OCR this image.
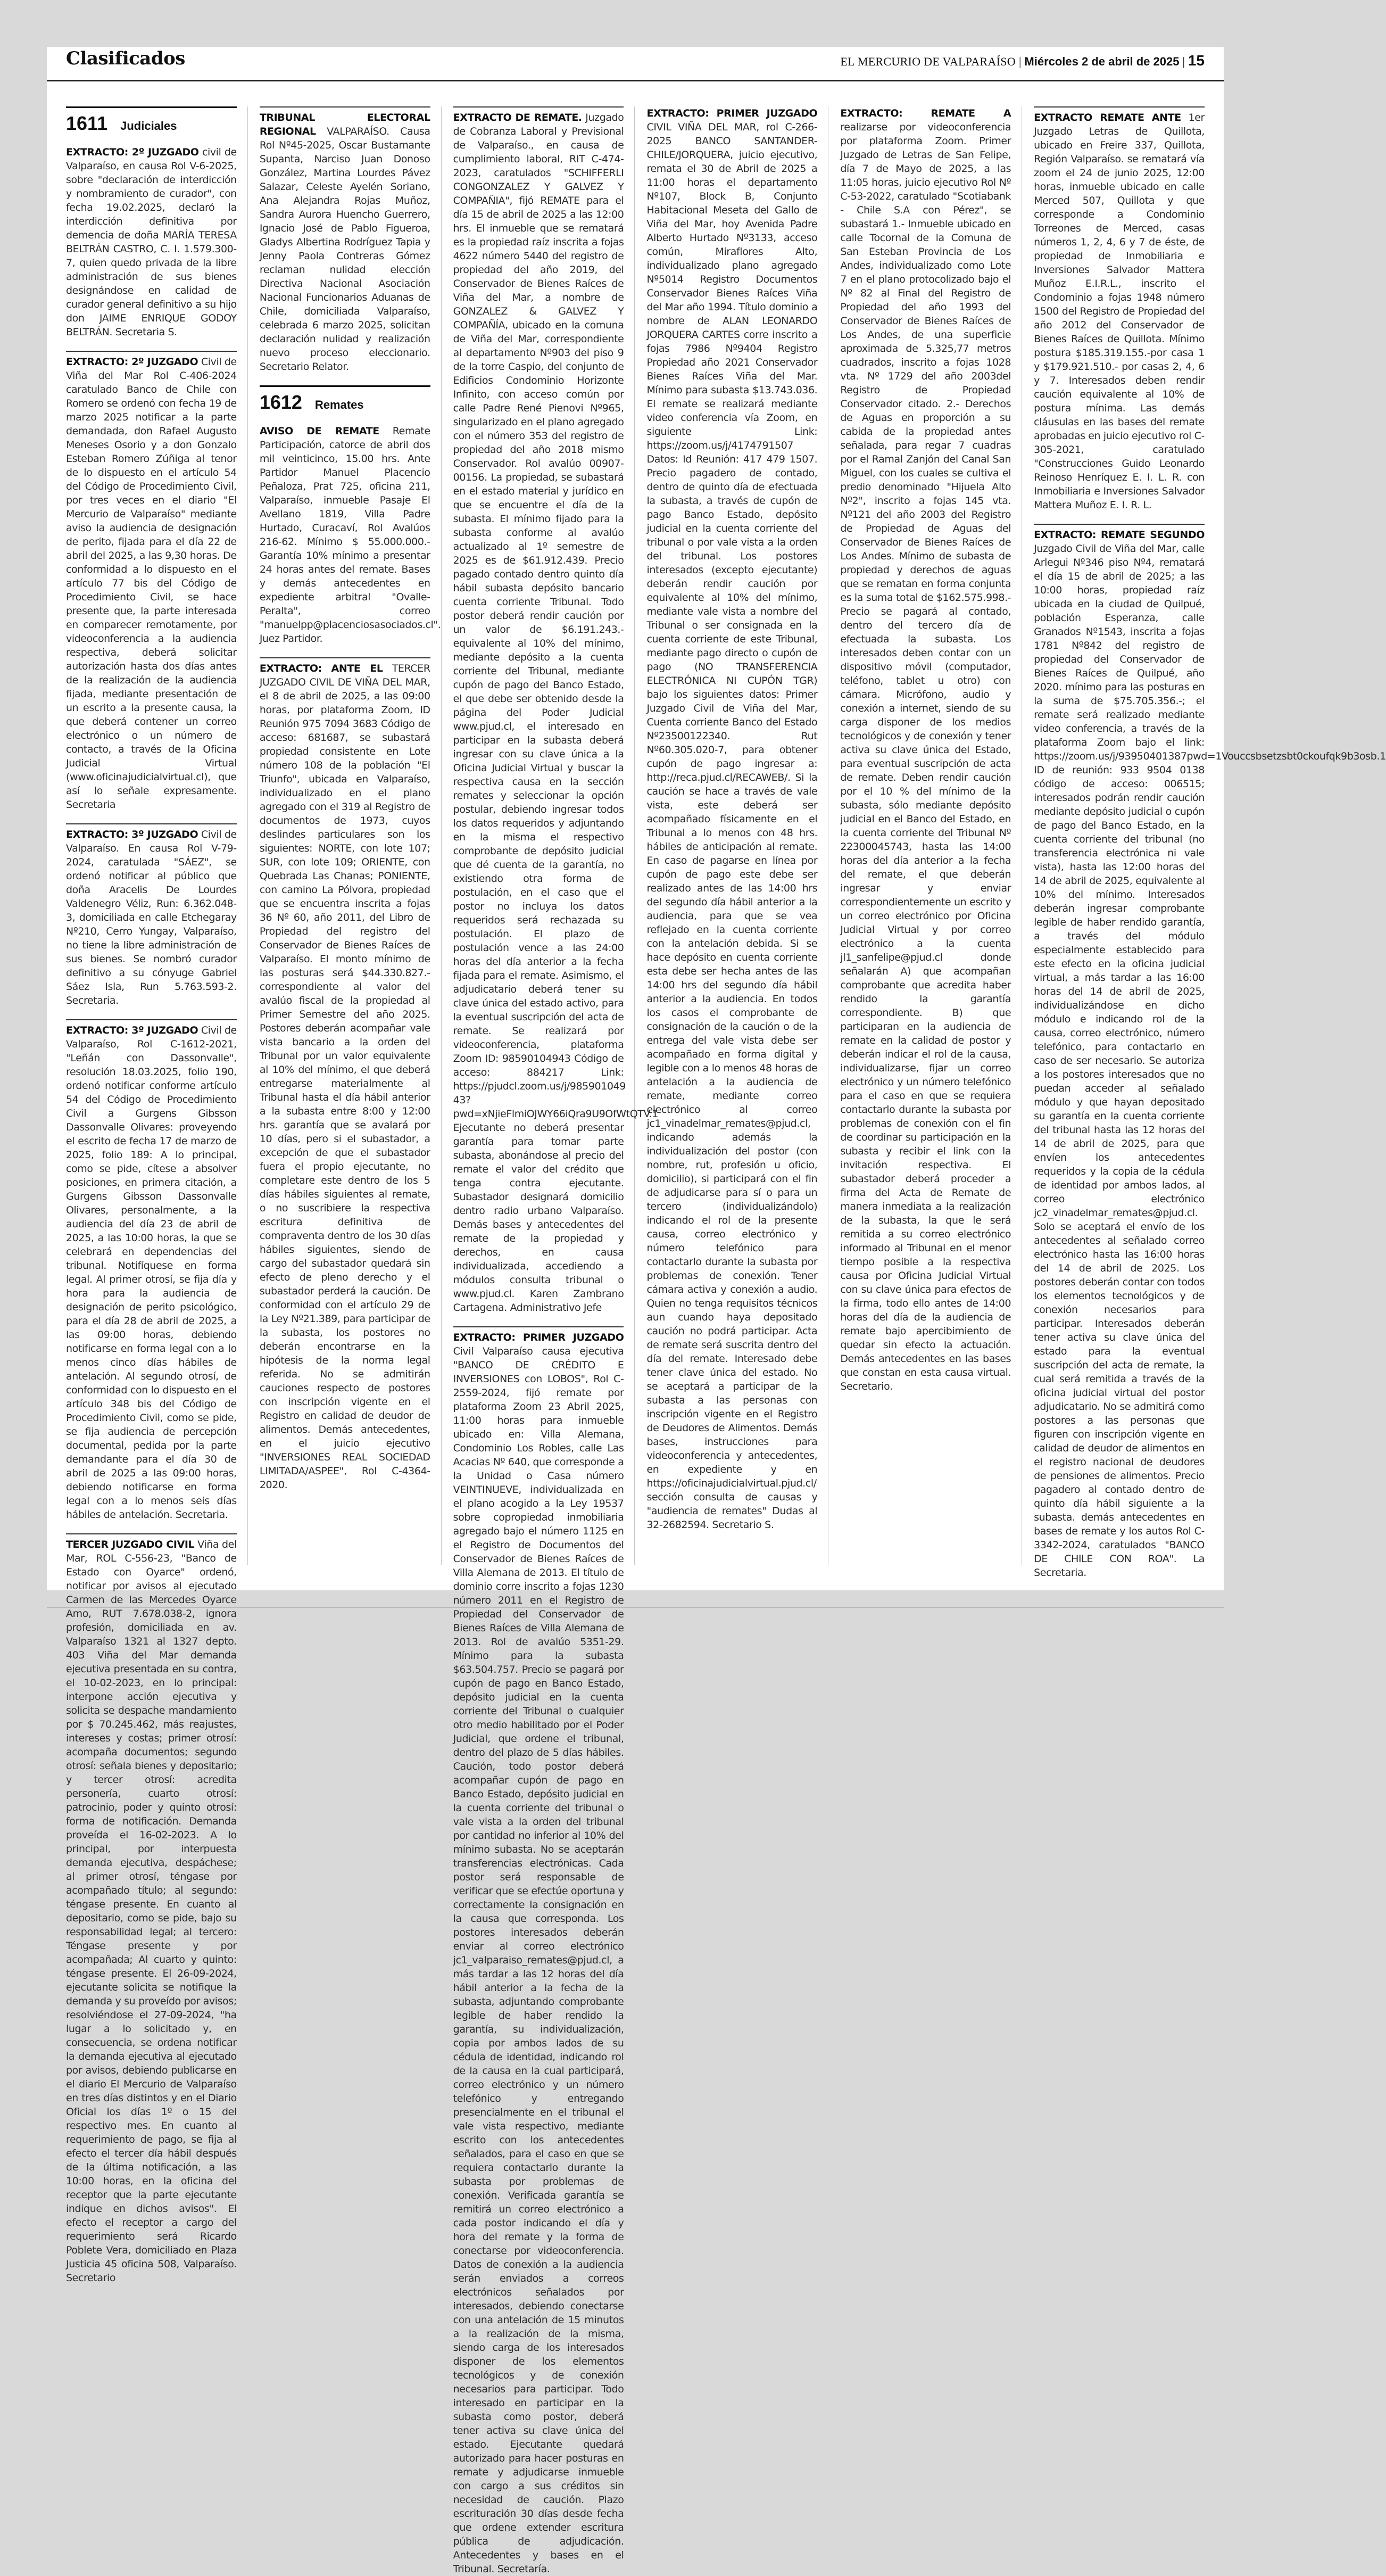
Clasificados	EL MERCURIO DE VALPARAÍSO | Miércoles 2 de abril de 2025 | 15
1611 Judiciales
EXTRACTO: 2º JUZGADO civil de Valparaíso, en causa Rol V-6-2025, sobre "declaración de interdicción y nombramiento de curador", con fecha 19.02.2025, declaró la interdicción definitiva por demencia de doña MARÍA TERESA BELTRÁN CASTRO, C. I. 1.579.300-7, quien quedo privada de la libre administración de sus bienes designándose en calidad de curador general definitivo a su hijo don JAIME ENRIQUE GODOY BELTRÁN. Secretaria S.
EXTRACTO: 2º JUZGADO Civil de Viña del Mar Rol C-406-2024 caratulado Banco de Chile con Romero se ordenó con fecha 19 de marzo 2025 notificar a la parte demandada, don Rafael Augusto Meneses Osorio y a don Gonzalo Esteban Romero Zúñiga al tenor de lo dispuesto en el artículo 54 del Código de Procedimiento Civil, por tres veces en el diario "El Mercurio de Valparaíso" mediante aviso la audiencia de designación de perito, fijada para el día 22 de abril del 2025, a las 9,30 horas. De conformidad a lo dispuesto en el artículo 77 bis del Código de Procedimiento Civil, se hace presente que, la parte interesada en comparecer remotamente, por videoconferencia a la audiencia respectiva, deberá solicitar autorización hasta dos días antes de la realización de la audiencia fijada, mediante presentación de un escrito a la presente causa, la que deberá contener un correo electrónico o un número de contacto, a través de la Oficina Judicial Virtual (www.oficinajudicialvirtual.cl), que así lo señale expresamente. Secretaria
EXTRACTO: 3º JUZGADO Civil de Valparaíso. En causa Rol V-79-2024, caratulada "SÁEZ", se ordenó notificar al público que doña Aracelis De Lourdes Valdenegro Véliz, Run: 6.362.048-3, domiciliada en calle Etchegaray Nº210, Cerro Yungay, Valparaíso, no tiene la libre administración de sus bienes. Se nombró curador definitivo a su cónyuge Gabriel Sáez Isla, Run 5.763.593-2. Secretaria.
EXTRACTO: 3º JUZGADO Civil de Valparaíso, Rol C-1612-2021, "Leñán con Dassonvalle", resolución 18.03.2025, folio 190, ordenó notificar conforme artículo 54 del Código de Procedimiento Civil a Gurgens Gibsson Dassonvalle Olivares: proveyendo el escrito de fecha 17 de marzo de 2025, folio 189: A lo principal, como se pide, cítese a absolver posiciones, en primera citación, a Gurgens Gibsson Dassonvalle Olivares, personalmente, a la audiencia del día 23 de abril de 2025, a las 10:00 horas, la que se celebrará en dependencias del tribunal. Notifíquese en forma legal. Al primer otrosí, se fija día y hora para la audiencia de designación de perito psicológico, para el día 28 de abril de 2025, a las 09:00 horas, debiendo notificarse en forma legal con a lo menos cinco días hábiles de antelación. Al segundo otrosí, de conformidad con lo dispuesto en el artículo 348 bis del Código de Procedimiento Civil, como se pide, se fija audiencia de percepción documental, pedida por la parte demandante para el día 30 de abril de 2025 a las 09:00 horas, debiendo notificarse en forma legal con a lo menos seis días hábiles de antelación. Secretaria.
TERCER JUZGADO CIVIL Viña del Mar, ROL C-556-23, "Banco de Estado con Oyarce" ordenó, notificar por avisos al ejecutado Carmen de las Mercedes Oyarce Amo, RUT 7.678.038-2, ignora profesión, domiciliada en av. Valparaíso 1321 al 1327 depto. 403 Viña del Mar demanda ejecutiva presentada en su contra, el 10-02-2023, en lo principal: interpone acción ejecutiva y solicita se despache mandamiento por $ 70.245.462, más reajustes, intereses y costas; primer otrosí: acompaña documentos; segundo otrosí: señala bienes y depositario; y tercer otrosí: acredita personería, cuarto otrosí: patrocinio, poder y quinto otrosí: forma de notificación. Demanda proveída el 16-02-2023. A lo principal, por interpuesta demanda ejecutiva, despáchese; al primer otrosí, téngase por acompañado título; al segundo: téngase presente. En cuanto al depositario, como se pide, bajo su responsabilidad legal; al tercero: Téngase presente y por acompañada; Al cuarto y quinto: téngase presente. El 26-09-2024, ejecutante solicita se notifique la demanda y su proveído por avisos; resolviéndose el 27-09-2024, "ha lugar a lo solicitado y, en consecuencia, se ordena notificar la demanda ejecutiva al ejecutado por avisos, debiendo publicarse en el diario El Mercurio de Valparaíso en tres días distintos y en el Diario Oficial los días 1º o 15 del respectivo mes. En cuanto al requerimiento de pago, se fija al efecto el tercer día hábil después de la última notificación, a las 10:00 horas, en la oficina del receptor que la parte ejecutante indique en dichos avisos". El efecto el receptor a cargo del requerimiento será Ricardo Poblete Vera, domiciliado en Plaza Justicia 45 oficina 508, Valparaíso. Secretario
TRIBUNAL ELECTORAL REGIONAL VALPARAÍSO. Causa Rol Nº45-2025, Oscar Bustamante Supanta, Narciso Juan Donoso González, Martina Lourdes Pávez Salazar, Celeste Ayelén Soriano, Ana Alejandra Rojas Muñoz, Sandra Aurora Huencho Guerrero, Ignacio José de Pablo Figueroa, Gladys Albertina Rodríguez Tapia y Jenny Paola Contreras Gómez reclaman nulidad elección Directiva Nacional Asociación Nacional Funcionarios Aduanas de Chile, domiciliada Valparaíso, celebrada 6 marzo 2025, solicitan declaración nulidad y realización nuevo proceso eleccionario. Secretario Relator.
1612 Remates
AVISO DE REMATE Remate Participación, catorce de abril dos mil veinticinco, 15.00 hrs. Ante Partidor Manuel Placencio Peñaloza, Prat 725, oficina 211, Valparaíso, inmueble Pasaje El Avellano 1819, Villa Padre Hurtado, Curacaví, Rol Avalúos 216-62. Mínimo $ 55.000.000.- Garantía 10% mínimo a presentar 24 horas antes del remate. Bases y demás antecedentes en expediente arbitral "Ovalle-Peralta", correo "manuelpp@placenciosasociados.cl". Juez Partidor.
EXTRACTO: ANTE EL TERCER JUZGADO CIVIL DE VIÑA DEL MAR, el 8 de abril de 2025, a las 09:00 horas, por plataforma Zoom, ID Reunión 975 7094 3683 Código de acceso: 681687, se subastará propiedad consistente en Lote número 108 de la población "El Triunfo", ubicada en Valparaíso, individualizado en el plano agregado con el 319 al Registro de documentos de 1973, cuyos deslindes particulares son los siguientes: NORTE, con lote 107; SUR, con lote 109; ORIENTE, con Quebrada Las Chanas; PONIENTE, con camino La Pólvora, propiedad que se encuentra inscrita a fojas 36 Nº 60, año 2011, del Libro de Propiedad del registro del Conservador de Bienes Raíces de Valparaíso. El monto mínimo de las posturas será $44.330.827.- correspondiente al valor del avalúo fiscal de la propiedad al Primer Semestre del año 2025. Postores deberán acompañar vale vista bancario a la orden del Tribunal por un valor equivalente al 10% del mínimo, el que deberá entregarse materialmente al Tribunal hasta el día hábil anterior a la subasta entre 8:00 y 12:00 hrs. garantía que se avalará por 10 días, pero si el subastador, a excepción de que el subastador fuera el propio ejecutante, no completare este dentro de los 5 días hábiles siguientes al remate, o no suscribiere la respectiva escritura definitiva de compraventa dentro de los 30 días hábiles siguientes, siendo de cargo del subastador quedará sin efecto de pleno derecho y el subastador perderá la caución. De conformidad con el artículo 29 de la Ley Nº21.389, para participar de la subasta, los postores no deberán encontrarse en la hipótesis de la norma legal referida. No se admitirán cauciones respecto de postores con inscripción vigente en el Registro en calidad de deudor de alimentos. Demás antecedentes, en el juicio ejecutivo "INVERSIONES REAL SOCIEDAD LIMITADA/ASPEE", Rol C-4364-2020.
EXTRACTO DE REMATE. Juzgado de Cobranza Laboral y Previsional de Valparaíso., en causa de cumplimiento laboral, RIT C-474-2023, caratulados "SCHIFFERLI CONGONZALEZ Y GALVEZ Y COMPAÑIA", fijó REMATE para el día 15 de abril de 2025 a las 12:00 hrs. El inmueble que se rematará es la propiedad raíz inscrita a fojas 4622 número 5440 del registro de propiedad del año 2019, del Conservador de Bienes Raíces de Viña del Mar, a nombre de GONZALEZ & GALVEZ Y COMPAÑÍA, ubicado en la comuna de Viña del Mar, correspondiente al departamento Nº903 del piso 9 de la torre Caspio, del conjunto de Edificios Condominio Horizonte Infinito, con acceso común por calle Padre René Pienovi Nº965, singularizado en el plano agregado con el número 353 del registro de propiedad del año 2018 mismo Conservador. Rol avalúo 00907-00156. La propiedad, se subastará en el estado material y jurídico en que se encuentre el día de la subasta. El mínimo fijado para la subasta conforme al avalúo actualizado al 1º semestre de 2025 es de $61.912.439. Precio pagado contado dentro quinto día hábil subasta depósito bancario cuenta corriente Tribunal. Todo postor deberá rendir caución por un valor de $6.191.243.- equivalente al 10% del mínimo, mediante depósito a la cuenta corriente del Tribunal, mediante cupón de pago del Banco Estado, el que debe ser obtenido desde la página del Poder Judicial www.pjud.cl, el interesado en participar en la subasta deberá ingresar con su clave única a la Oficina Judicial Virtual y buscar la respectiva causa en la sección remates y seleccionar la opción postular, debiendo ingresar todos los datos requeridos y adjuntando en la misma el respectivo comprobante de depósito judicial que dé cuenta de la garantía, no existiendo otra forma de postulación, en el caso que el postor no incluya los datos requeridos será rechazada su postulación. El plazo de postulación vence a las 24:00 horas del día anterior a la fecha fijada para el remate. Asimismo, el adjudicatario deberá tener su clave única del estado activo, para la eventual suscripción del acta de remate. Se realizará por videoconferencia, plataforma Zoom ID: 98590104943 Código de acceso: 884217 Link: https://pjudcl.zoom.us/j/985901049 43?pwd=xNjieFlmiOJWY66iQra9U9OfWtQTV.1 Ejecutante no deberá presentar garantía para tomar parte subasta, abonándose al precio del remate el valor del crédito que tenga contra ejecutante. Subastador designará domicilio dentro radio urbano Valparaíso. Demás bases y antecedentes del remate de la propiedad y derechos, en causa individualizada, accediendo a módulos consulta tribunal o www.pjud.cl. Karen Zambrano Cartagena. Administrativo Jefe
EXTRACTO: PRIMER JUZGADO Civil Valparaíso causa ejecutiva "BANCO DE CRÉDITO E INVERSIONES con LOBOS", Rol C-2559-2024, fijó remate por plataforma Zoom 23 Abril 2025, 11:00 horas para inmueble ubicado en: Villa Alemana, Condominio Los Robles, calle Las Acacias Nº 640, que corresponde a la Unidad o Casa número VEINTINUEVE, individualizada en el plano acogido a la Ley 19537 sobre copropiedad inmobiliaria agregado bajo el número 1125 en el Registro de Documentos del Conservador de Bienes Raíces de Villa Alemana de 2013. El título de dominio corre inscrito a fojas 1230 número 2011 en el Registro de Propiedad del Conservador de Bienes Raíces de Villa Alemana de 2013. Rol de avalúo 5351-29. Mínimo para la subasta $63.504.757. Precio se pagará por cupón de pago en Banco Estado, depósito judicial en la cuenta corriente del Tribunal o cualquier otro medio habilitado por el Poder Judicial, que ordene el tribunal, dentro del plazo de 5 días hábiles. Caución, todo postor deberá acompañar cupón de pago en Banco Estado, depósito judicial en la cuenta corriente del tribunal o vale vista a la orden del tribunal por cantidad no inferior al 10% del mínimo subasta. No se aceptarán transferencias electrónicas. Cada postor será responsable de verificar que se efectúe oportuna y correctamente la consignación en la causa que corresponda. Los postores interesados deberán enviar al correo electrónico jc1_valparaiso_remates@pjud.cl, a más tardar a las 12 horas del día hábil anterior a la fecha de la subasta, adjuntando comprobante legible de haber rendido la garantía, su individualización, copia por ambos lados de su cédula de identidad, indicando rol de la causa en la cual participará, correo electrónico y un número telefónico y entregando presencialmente en el tribunal el vale vista respectivo, mediante escrito con los antecedentes señalados, para el caso en que se requiera contactarlo durante la subasta por problemas de conexión. Verificada garantía se remitirá un correo electrónico a cada postor indicando el día y hora del remate y la forma de conectarse por videoconferencia. Datos de conexión a la audiencia serán enviados a correos electrónicos señalados por interesados, debiendo conectarse con una antelación de 15 minutos a la realización de la misma, siendo carga de los interesados disponer de los elementos tecnológicos y de conexión necesarios para participar. Todo interesado en participar en la subasta como postor, deberá tener activa su clave única del estado. Ejecutante quedará autorizado para hacer posturas en remate y adjudicarse inmueble con cargo a sus créditos sin necesidad de caución. Plazo escrituración 30 días desde fecha que ordene extender escritura pública de adjudicación. Antecedentes y bases en el Tribunal. Secretaría.
EXTRACTO: PRIMER JUZGADO CIVIL VIÑA DEL MAR, rol C-266-2025 BANCO SANTANDER-CHILE/JORQUERA, juicio ejecutivo, remata el 30 de Abril de 2025 a 11:00 horas el departamento Nº107, Block B, Conjunto Habitacional Meseta del Gallo de Viña del Mar, hoy Avenida Padre Alberto Hurtado Nº3133, acceso común, Miraflores Alto, individualizado plano agregado Nº5014 Registro Documentos Conservador Bienes Raíces Viña del Mar año 1994. Título dominio a nombre de ALAN LEONARDO JORQUERA CARTES corre inscrito a fojas 7986 Nº9404 Registro Propiedad año 2021 Conservador Bienes Raíces Viña del Mar. Mínimo para subasta $13.743.036. El remate se realizará mediante video conferencia vía Zoom, en siguiente Link: https://zoom.us/j/4174791507 Datos: Id Reunión: 417 479 1507. Precio pagadero de contado, dentro de quinto día de efectuada la subasta, a través de cupón de pago Banco Estado, depósito judicial en la cuenta corriente del tribunal o por vale vista a la orden del tribunal. Los postores interesados (excepto ejecutante) deberán rendir caución por equivalente al 10% del mínimo, mediante vale vista a nombre del Tribunal o ser consignada en la cuenta corriente de este Tribunal, mediante pago directo o cupón de pago (NO TRANSFERENCIA ELECTRÓNICA NI CUPÓN TGR) bajo los siguientes datos: Primer Juzgado Civil de Viña del Mar, Cuenta corriente Banco del Estado Nº23500122340. Rut Nº60.305.020-7, para obtener cupón de pago ingresar a: http://reca.pjud.cl/RECAWEB/. Si la caución se hace a través de vale vista, este deberá ser acompañado físicamente en el Tribunal a lo menos con 48 hrs. hábiles de anticipación al remate. En caso de pagarse en línea por cupón de pago este debe ser realizado antes de las 14:00 hrs del segundo día hábil anterior a la audiencia, para que se vea reflejado en la cuenta corriente con la antelación debida. Si se hace depósito en cuenta corriente esta debe ser hecha antes de las 14:00 hrs del segundo día hábil anterior a la audiencia. En todos los casos el comprobante de consignación de la caución o de la entrega del vale vista debe ser acompañado en forma digital y legible con a lo menos 48 horas de antelación a la audiencia de remate, mediante correo electrónico al correo jc1_vinadelmar_remates@pjud.cl, indicando además la individualización del postor (con nombre, rut, profesión u oficio, domicilio), si participará con el fin de adjudicarse para sí o para un tercero (individualizándolo) indicando el rol de la presente causa, correo electrónico y número telefónico para contactarlo durante la subasta por problemas de conexión. Tener cámara activa y conexión a audio. Quien no tenga requisitos técnicos aun cuando haya depositado caución no podrá participar. Acta de remate será suscrita dentro del día del remate. Interesado debe tener clave única del estado. No se aceptará a participar de la subasta a las personas con inscripción vigente en el Registro de Deudores de Alimentos. Demás bases, instrucciones para videoconferencia y antecedentes, en expediente y en https://oficinajudicialvirtual.pjud.cl/ sección consulta de causas y "audiencia de remates" Dudas al 32-2682594. Secretario S.
EXTRACTO: REMATE A realizarse por videoconferencia por plataforma Zoom. Primer Juzgado de Letras de San Felipe, día 7 de Mayo de 2025, a las 11:05 horas, juicio ejecutivo Rol Nº C-53-2022, caratulado "Scotiabank - Chile S.A con Pérez", se subastará 1.- Inmueble ubicado en calle Tocornal de la Comuna de San Esteban Provincia de Los Andes, individualizado como Lote 7 en el plano protocolizado bajo el Nº 82 al Final del Registro de Propiedad del año 1993 del Conservador de Bienes Raíces de Los Andes, de una superficie aproximada de 5.325,77 metros cuadrados, inscrito a fojas 1028 vta. Nº 1729 del año 2003del Registro de Propiedad Conservador citado. 2.- Derechos de Aguas en proporción a su cabida de la propiedad antes señalada, para regar 7 cuadras por el Ramal Zanjón del Canal San Miguel, con los cuales se cultiva el predio denominado "Hijuela Alto Nº2", inscrito a fojas 145 vta. Nº121 del año 2003 del Registro de Propiedad de Aguas del Conservador de Bienes Raíces de Los Andes. Mínimo de subasta de propiedad y derechos de aguas que se rematan en forma conjunta es la suma total de $162.575.998.- Precio se pagará al contado, dentro del tercero día de efectuada la subasta. Los interesados deben contar con un dispositivo móvil (computador, teléfono, tablet u otro) con cámara. Micrófono, audio y conexión a internet, siendo de su carga disponer de los medios tecnológicos y de conexión y tener activa su clave única del Estado, para eventual suscripción de acta de remate. Deben rendir caución por el 10 % del mínimo de la subasta, sólo mediante depósito judicial en el Banco del Estado, en la cuenta corriente del Tribunal Nº 22300045743, hasta las 14:00 horas del día anterior a la fecha del remate, el que deberán ingresar y enviar correspondientemente un escrito y un correo electrónico por Oficina Judicial Virtual y por correo electrónico a la cuenta jl1_sanfelipe@pjud.cl donde señalarán A) que acompañan comprobante que acredita haber rendido la garantía correspondiente. B) que participaran en la audiencia de remate en la calidad de postor y deberán indicar el rol de la causa, individualizarse, fijar un correo electrónico y un número telefónico para el caso en que se requiera contactarlo durante la subasta por problemas de conexión con el fin de coordinar su participación en la subasta y recibir el link con la invitación respectiva. El subastador deberá proceder a firma del Acta de Remate de manera inmediata a la realización de la subasta, la que le será remitida a su correo electrónico informado al Tribunal en el menor tiempo posible a la respectiva causa por Oficina Judicial Virtual con su clave única para efectos de la firma, todo ello antes de 14:00 horas del día de la audiencia de remate bajo apercibimiento de quedar sin efecto la actuación. Demás antecedentes en las bases que constan en esta causa virtual. Secretario.
EXTRACTO REMATE ANTE 1er Juzgado Letras de Quillota, ubicado en Freire 337, Quillota, Región Valparaíso. se rematará vía zoom el 24 de junio 2025, 12:00 horas, inmueble ubicado en calle Merced 507, Quillota y que corresponde a Condominio Torreones de Merced, casas números 1, 2, 4, 6 y 7 de éste, de propiedad de Inmobiliaria e Inversiones Salvador Mattera Muñoz E.I.R.L., inscrito el Condominio a fojas 1948 número 1500 del Registro de Propiedad del año 2012 del Conservador de Bienes Raíces de Quillota. Mínimo postura $185.319.155.-por casa 1 y $179.921.510.- por casas 2, 4, 6 y 7. Interesados deben rendir caución equivalente al 10% de postura mínima. Las demás cláusulas en las bases del remate aprobadas en juicio ejecutivo rol C-305-2021, caratulado "Construcciones Guido Leonardo Reinoso Henríquez E. I. L. R. con Inmobiliaria e Inversiones Salvador Mattera Muñoz E. I. R. L.
EXTRACTO: REMATE SEGUNDO Juzgado Civil de Viña del Mar, calle Arlegui Nº346 piso Nº4, rematará el día 15 de abril de 2025; a las 10:00 horas, propiedad raíz ubicada en la ciudad de Quilpué, población Esperanza, calle Granados Nº1543, inscrita a fojas 1781 Nº842 del registro de propiedad del Conservador de Bienes Raíces de Quilpué, año 2020. mínimo para las posturas en la suma de $75.705.356.-; el remate será realizado mediante video conferencia, a través de la plataforma Zoom bajo el link: https://zoom.us/j/93950401387pwd=1Vouccsbsetzsbt0ckoufqk9b3osb.1 ID de reunión: 933 9504 0138 código de acceso: 006515; interesados podrán rendir caución mediante depósito judicial o cupón de pago del Banco Estado, en la cuenta corriente del tribunal (no transferencia electrónica ni vale vista), hasta las 12:00 horas del 14 de abril de 2025, equivalente al 10% del mínimo. Interesados deberán ingresar comprobante legible de haber rendido garantía, a través del módulo especialmente establecido para este efecto en la oficina judicial virtual, a más tardar a las 16:00 horas del 14 de abril de 2025, individualizándose en dicho módulo e indicando rol de la causa, correo electrónico, número telefónico, para contactarlo en caso de ser necesario. Se autoriza a los postores interesados que no puedan acceder al señalado módulo y que hayan depositado su garantía en la cuenta corriente del tribunal hasta las 12 horas del 14 de abril de 2025, para que envíen los antecedentes requeridos y la copia de la cédula de identidad por ambos lados, al correo electrónico jc2_vinadelmar_remates@pjud.cl. Solo se aceptará el envío de los antecedentes al señalado correo electrónico hasta las 16:00 horas del 14 de abril de 2025. Los postores deberán contar con todos los elementos tecnológicos y de conexión necesarios para participar. Interesados deberán tener activa su clave única del estado para la eventual suscripción del acta de remate, la cual será remitida a través de la oficina judicial virtual del postor adjudicatario. No se admitirá como postores a las personas que figuren con inscripción vigente en calidad de deudor de alimentos en el registro nacional de deudores de pensiones de alimentos. Precio pagadero al contado dentro de quinto día hábil siguiente a la subasta. demás antecedentes en bases de remate y los autos Rol C-3342-2024, caratulados "BANCO DE CHILE CON ROA". La Secretaria.
